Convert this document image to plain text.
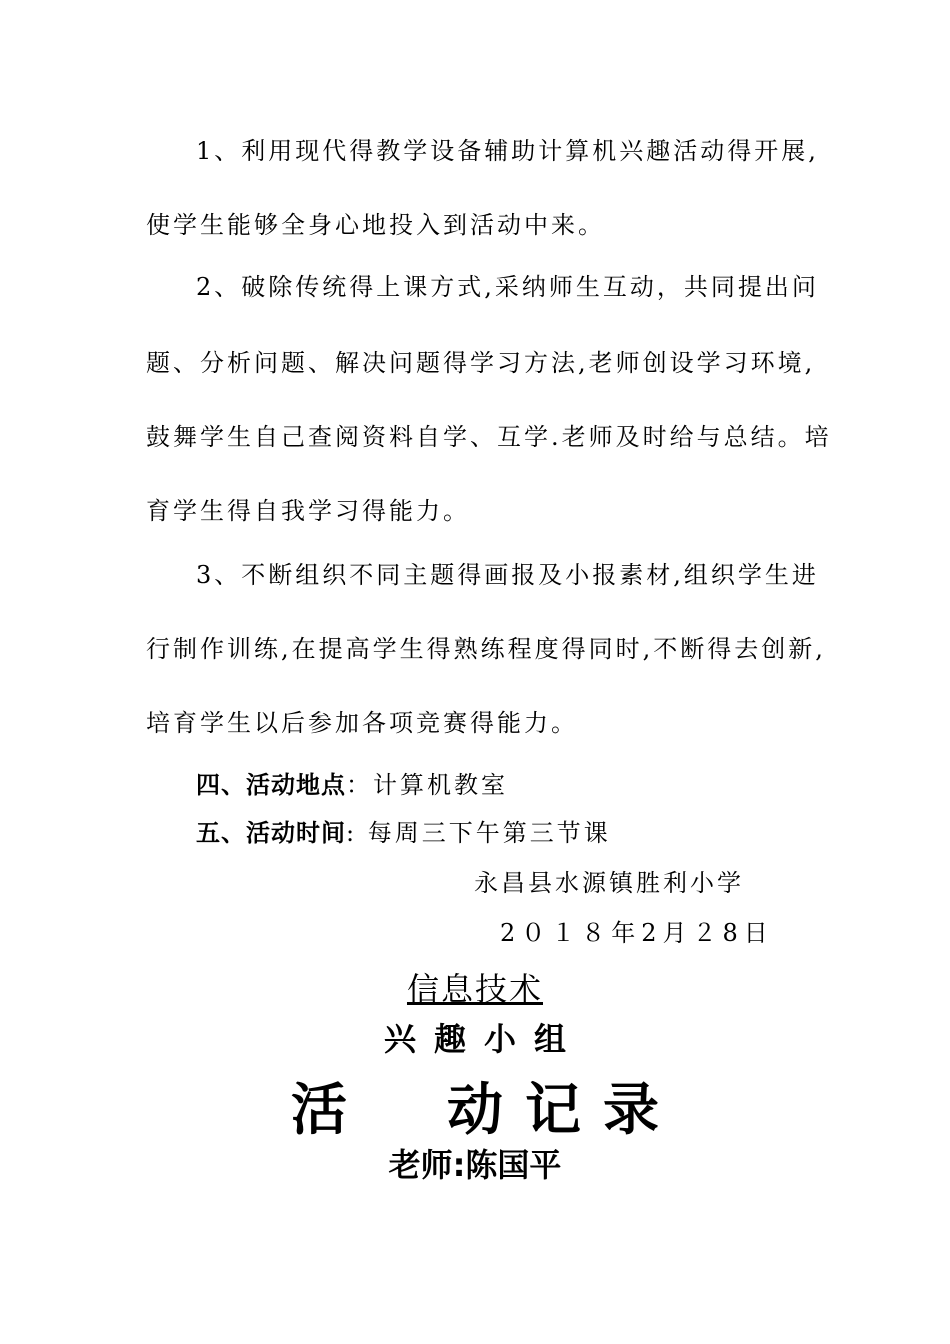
1、利用现代得教学设备辅助计算机兴趣活动得开展,
使学生能够全身心地投入到活动中来。
2、破除传统得上课方式,采纳师生互动，共同提出问
题、分析问题、解决问题得学习方法,老师创设学习环境,
鼓舞学生自己查阅资料自学、互学.老师及时给与总结。培
育学生得自我学习得能力。
3、不断组织不同主题得画报及小报素材,组织学生进
行制作训练,在提高学生得熟练程度得同时,不断得去创新,
培育学生以后参加各项竞赛得能力。
四、活动地点：计算机教室
五、活动时间: 每周三下午第三节课
永昌县水源镇胜利小学
2０１８年2月２8日
信息技术
兴趣小组
活　动记录
老师:陈国平
